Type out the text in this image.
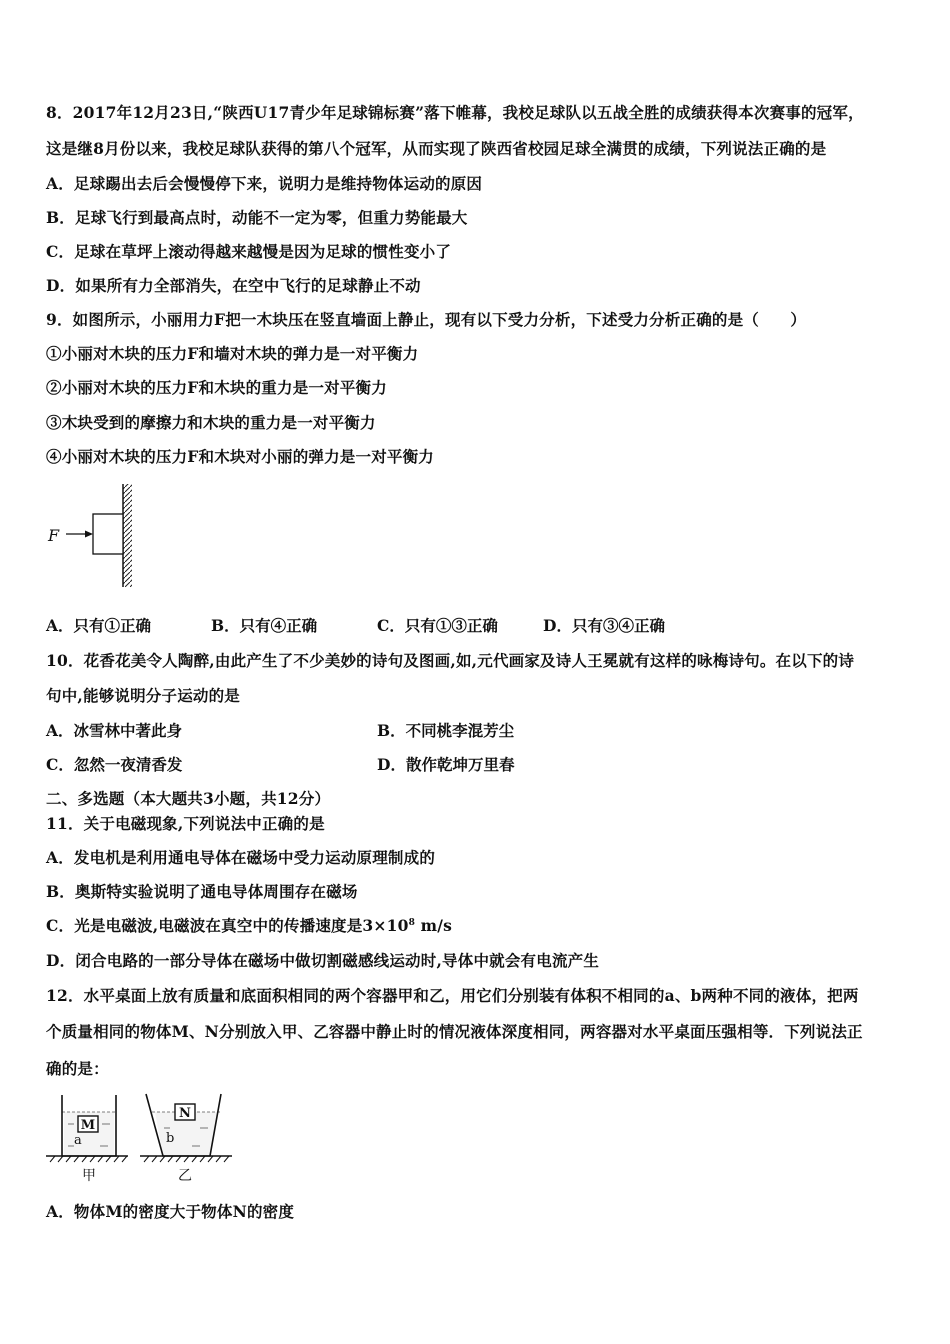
8．2017年12月23日,“陕西U17青少年足球锦标赛”落下帷幕，我校足球队以五战全胜的成绩获得本次赛事的冠军，
这是继8月份以来，我校足球队获得的第八个冠军，从而实现了陕西省校园足球全满贯的成绩，下列说法正确的是
A．足球踢出去后会慢慢停下来，说明力是维持物体运动的原因
B．足球飞行到最高点时，动能不一定为零，但重力势能最大
C．足球在草坪上滚动得越来越慢是因为足球的惯性变小了
D．如果所有力全部消失，在空中飞行的足球静止不动
9．如图所示，小丽用力F把一木块压在竖直墙面上静止，现有以下受力分析，下述受力分析正确的是（　　）
①小丽对木块的压力F和墙对木块的弹力是一对平衡力
②小丽对木块的压力F和木块的重力是一对平衡力
③木块受到的摩擦力和木块的重力是一对平衡力
④小丽对木块的压力F和木块对小丽的弹力是一对平衡力
F
A．只有①正确	B．只有④正确	C．只有①③正确	D．只有③④正确
10．花香花美令人陶醉,由此产生了不少美妙的诗句及图画,如,元代画家及诗人王冕就有这样的咏梅诗句。在以下的诗
句中,能够说明分子运动的是
A．冰雪林中著此身	B．不同桃李混芳尘
C．忽然一夜清香发	D．散作乾坤万里春
二、多选题（本大题共3小题，共12分）
11．关于电磁现象,下列说法中正确的是
A．发电机是利用通电导体在磁场中受力运动原理制成的
B．奥斯特实验说明了通电导体周围存在磁场
C．光是电磁波,电磁波在真空中的传播速度是$3\times 10^8$ m/s
D．闭合电路的一部分导体在磁场中做切割磁感线运动时,导体中就会有电流产生
12．水平桌面上放有质量和底面积相同的两个容器甲和乙，用它们分别装有体积不相同的a、b两种不同的液体，把两
个质量相同的物体M、N分别放入甲、乙容器中静止时的情况液体深度相同，两容器对水平桌面压强相等．下列说法正
确的是：
M
a
N
b
甲	乙
A．物体M的密度大于物体N的密度
